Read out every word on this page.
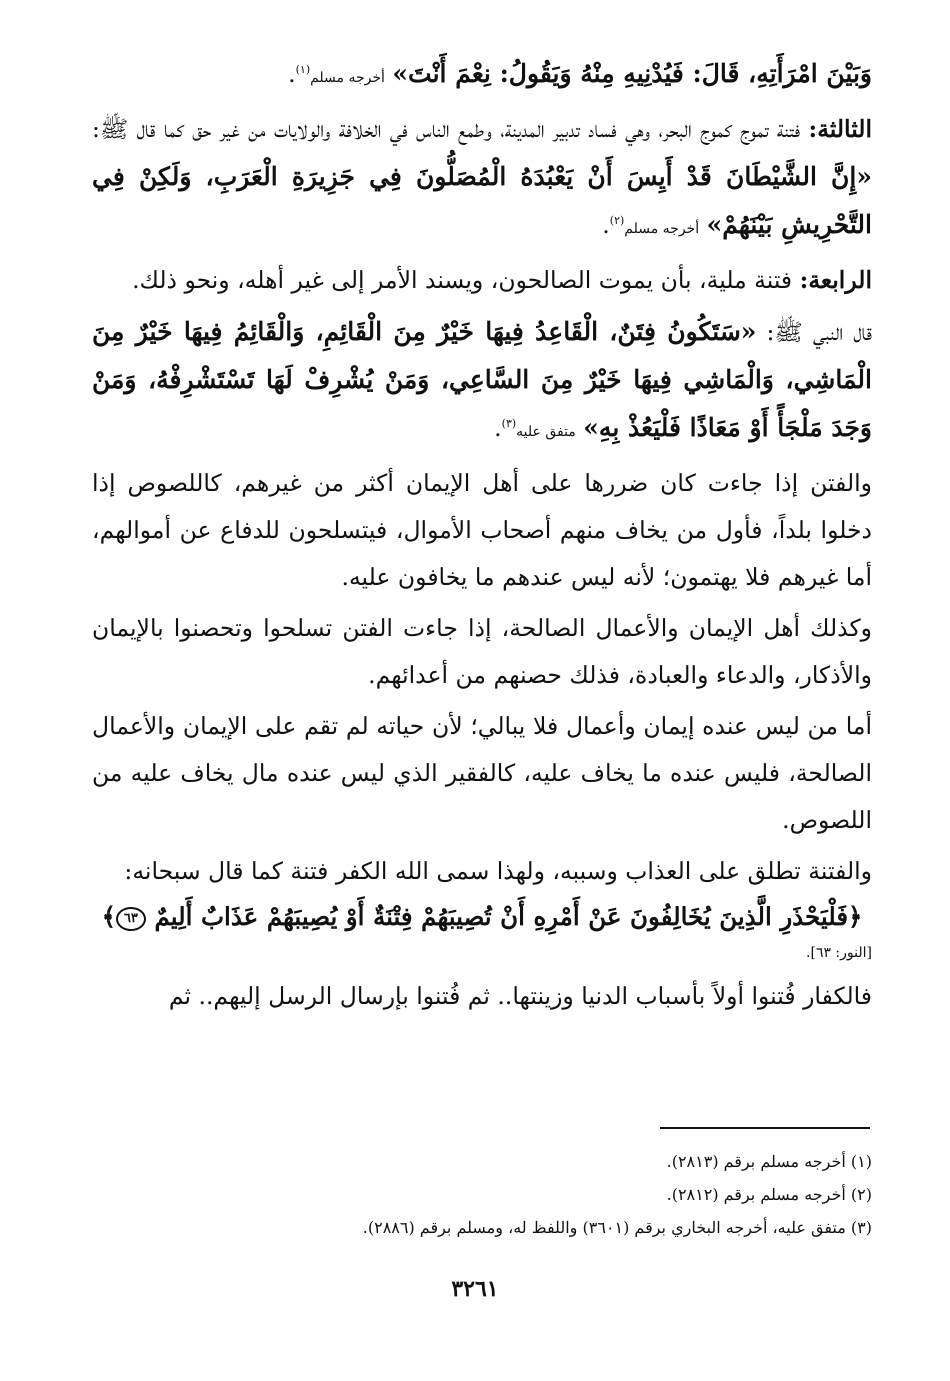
وَبَيْنَ امْرَأَتِهِ، قَالَ: فَيُدْنِيهِ مِنْهُ وَيَقُولُ: نِعْمَ أَنْتَ» أخرجه مسلم$^{(١)}$.

الثالثة: فتنة تموج كموج البحر، وهي فساد تدبير المدينة، وطمع الناس في الخلافة والولايات من غير حق كما قال ﷺ: «إِنَّ الشَّيْطَانَ قَدْ أَيِسَ أَنْ يَعْبُدَهُ الْمُصَلُّونَ فِي جَزِيرَةِ الْعَرَبِ، وَلَكِنْ فِي التَّحْرِيشِ بَيْنَهُمْ» أخرجه مسلم$^{(٢)}$.

الرابعة: فتنة ملية، بأن يموت الصالحون، ويسند الأمر إلى غير أهله، ونحو ذلك.

قال النبي ﷺ: «سَتَكُونُ فِتَنٌ، الْقَاعِدُ فِيهَا خَيْرٌ مِنَ الْقَائِمِ، وَالْقَائِمُ فِيهَا خَيْرٌ مِنَ الْمَاشِي، وَالْمَاشِي فِيهَا خَيْرٌ مِنَ السَّاعِي، وَمَنْ يُشْرِفْ لَهَا تَسْتَشْرِفْهُ، وَمَنْ وَجَدَ مَلْجَأً أَوْ مَعَاذًا فَلْيَعُذْ بِهِ» متفق عليه$^{(٣)}$.

والفتن إذا جاءت كان ضررها على أهل الإيمان أكثر من غيرهم، كاللصوص إذا دخلوا بلداً، فأول من يخاف منهم أصحاب الأموال، فيتسلحون للدفاع عن أموالهم، أما غيرهم فلا يهتمون؛ لأنه ليس عندهم ما يخافون عليه.

وكذلك أهل الإيمان والأعمال الصالحة، إذا جاءت الفتن تسلحوا وتحصنوا بالإيمان والأذكار، والدعاء والعبادة، فذلك حصنهم من أعدائهم.

أما من ليس عنده إيمان وأعمال فلا يبالي؛ لأن حياته لم تقم على الإيمان والأعمال الصالحة، فليس عنده ما يخاف عليه، كالفقير الذي ليس عنده مال يخاف عليه من اللصوص.

والفتنة تطلق على العذاب وسببه، ولهذا سمى الله الكفر فتنة كما قال سبحانه:

﴿فَلْيَحْذَرِ الَّذِينَ يُخَالِفُونَ عَنْ أَمْرِهِ أَنْ تُصِيبَهُمْ فِتْنَةٌ أَوْ يُصِيبَهُمْ عَذَابٌ أَلِيمٌ ٦٣﴾

[النور: ٦٣].

فالكفار فُتنوا أولاً بأسباب الدنيا وزينتها.. ثم فُتنوا بإرسال الرسل إليهم.. ثم

(١) أخرجه مسلم برقم (٢٨١٣).
(٢) أخرجه مسلم برقم (٢٨١٢).
(٣) متفق عليه، أخرجه البخاري برقم (٣٦٠١) واللفظ له، ومسلم برقم (٢٨٨٦).
٣٢٦١
